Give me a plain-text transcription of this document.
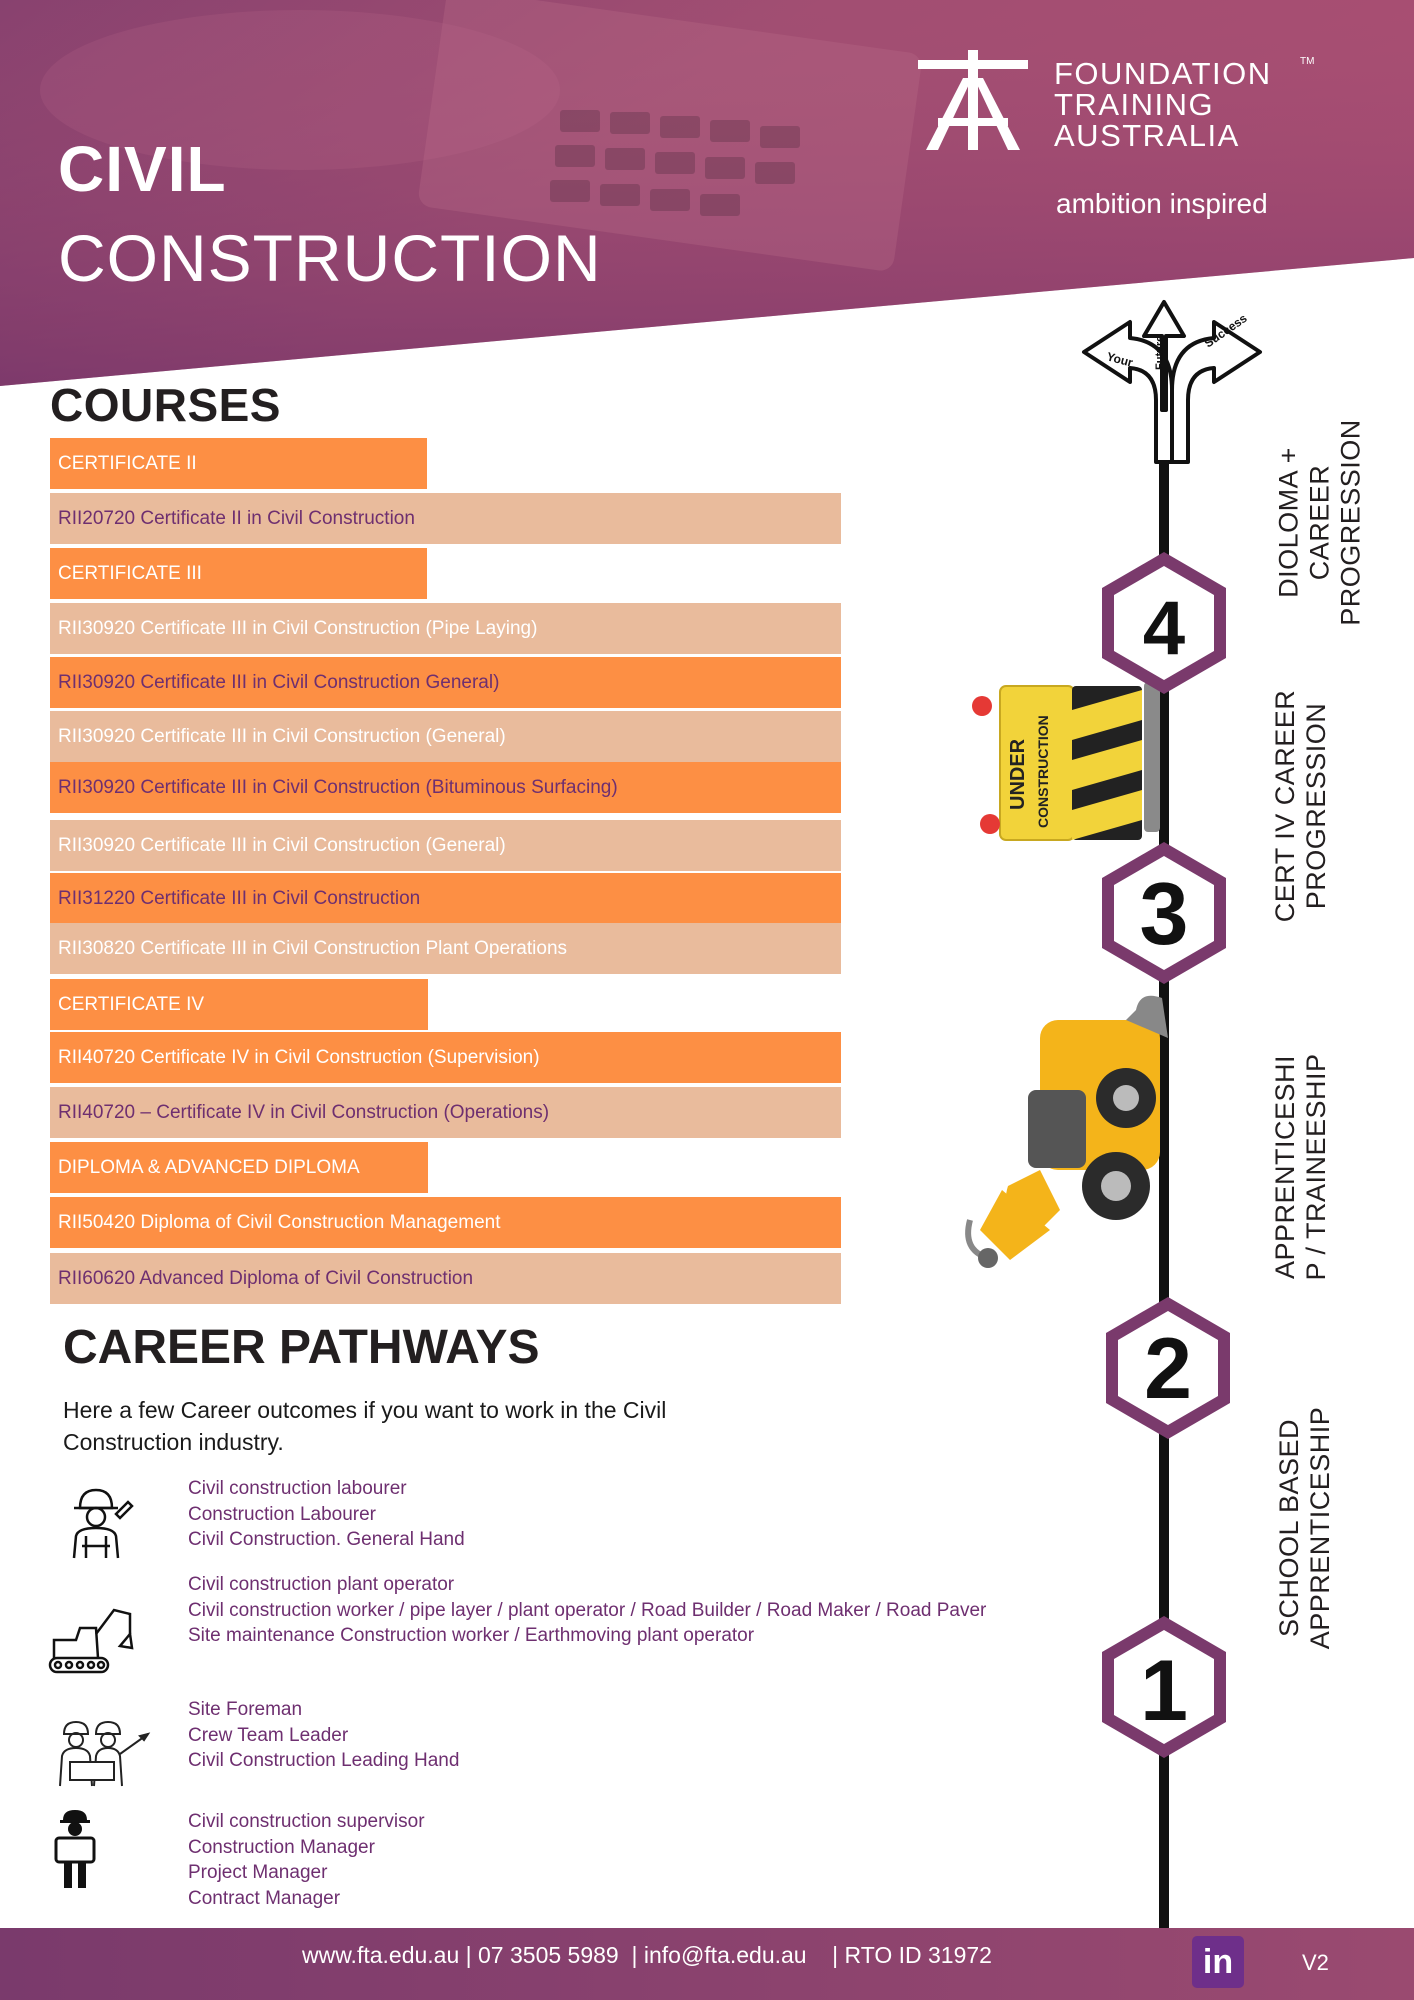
CIVIL
CONSTRUCTION
FOUNDATION
TRAINING
AUSTRALIA
TM
ambition inspired
COURSES
CERTIFICATE II
RII20720 Certificate II in Civil Construction
CERTIFICATE III
RII30920 Certificate III in Civil Construction (Pipe Laying)
RII30920 Certificate III in Civil Construction General)
RII30920 Certificate III in Civil Construction (General)
RII30920 Certificate III in Civil Construction (Bituminous Surfacing)
RII30920 Certificate III in Civil Construction (General)
RII31220 Certificate III in Civil Construction
RII30820 Certificate III in Civil Construction Plant Operations
CERTIFICATE IV
RII40720 Certificate IV in Civil Construction (Supervision)
RII40720 – Certificate IV in Civil Construction (Operations)
DIPLOMA & ADVANCED DIPLOMA
RII50420 Diploma of Civil Construction Management
RII60620 Advanced Diploma of Civil Construction
CAREER PATHWAYS
Here a few Career outcomes if you want to work in the Civil Construction industry.
Civil construction labourer
Construction Labourer
Civil Construction. General Hand
Civil construction plant operator
Civil construction worker / pipe layer / plant operator / Road Builder / Road Maker / Road Paver
Site maintenance Construction worker / Earthmoving plant operator
Site Foreman
Crew Team Leader
Civil Construction Leading Hand
Civil construction supervisor
Construction Manager
Project Manager
Contract Manager
Your Future
Success
UNDER CONSTRUCTION
4
3
2
1
DIOLOMA + CAREER PROGRESSION
CERT IV CAREER PROGRESSION
APPRENTICESHI P / TRAINEESHIP
SCHOOL BASED APPRENTICESHIP
www.fta.edu.au | 07 3505 5989  | info@fta.edu.au    | RTO ID 31972	in	V2
